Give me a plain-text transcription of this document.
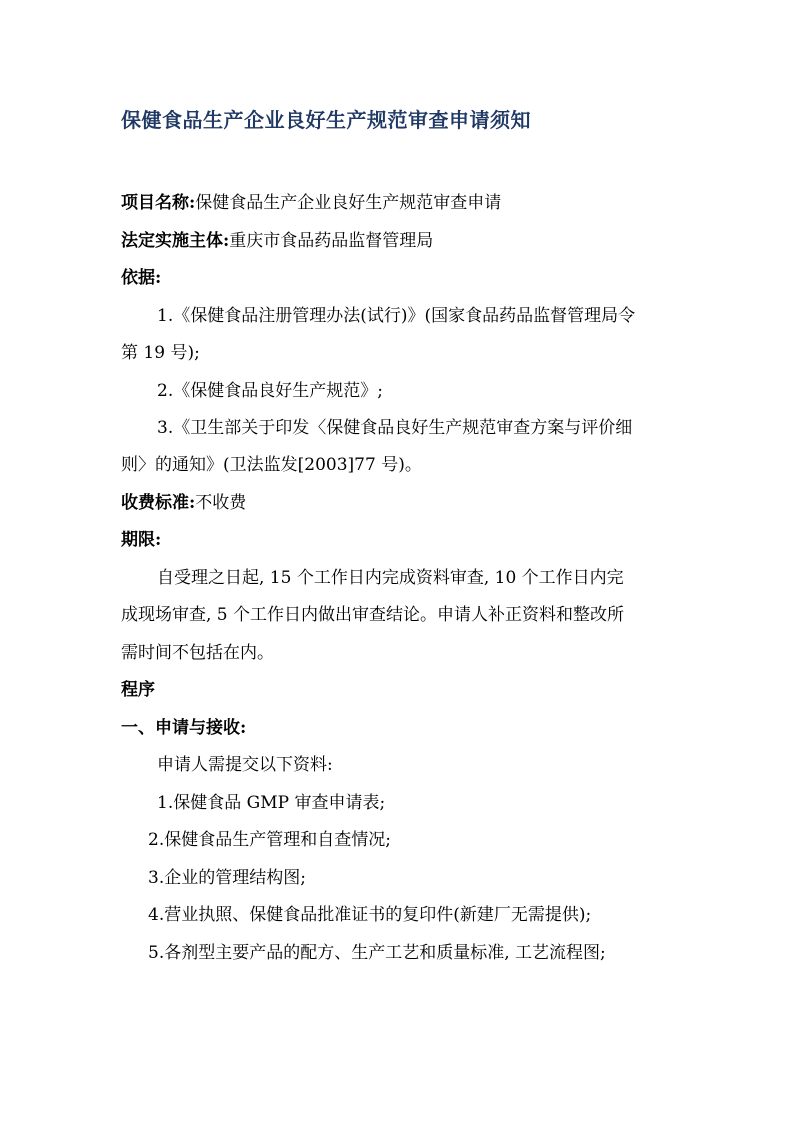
保健食品生产企业良好生产规范审查申请须知
项目名称:保健食品生产企业良好生产规范审查申请
法定实施主体:重庆市食品药品监督管理局
依据:
1.《保健食品注册管理办法(试行)》(国家食品药品监督管理局令
第 19 号);
2.《保健食品良好生产规范》;
3.《卫生部关于印发〈保健食品良好生产规范审查方案与评价细
则〉的通知》(卫法监发[2003]77 号)。
收费标准:不收费
期限:
自受理之日起, 15 个工作日内完成资料审查, 10 个工作日内完
成现场审查, 5 个工作日内做出审查结论。申请人补正资料和整改所
需时间不包括在内。
程序
一、申请与接收:
申请人需提交以下资料:
1.保健食品 GMP 审查申请表;
2.保健食品生产管理和自查情况;
3.企业的管理结构图;
4.营业执照、保健食品批准证书的复印件(新建厂无需提供);
5.各剂型主要产品的配方、生产工艺和质量标准, 工艺流程图;
